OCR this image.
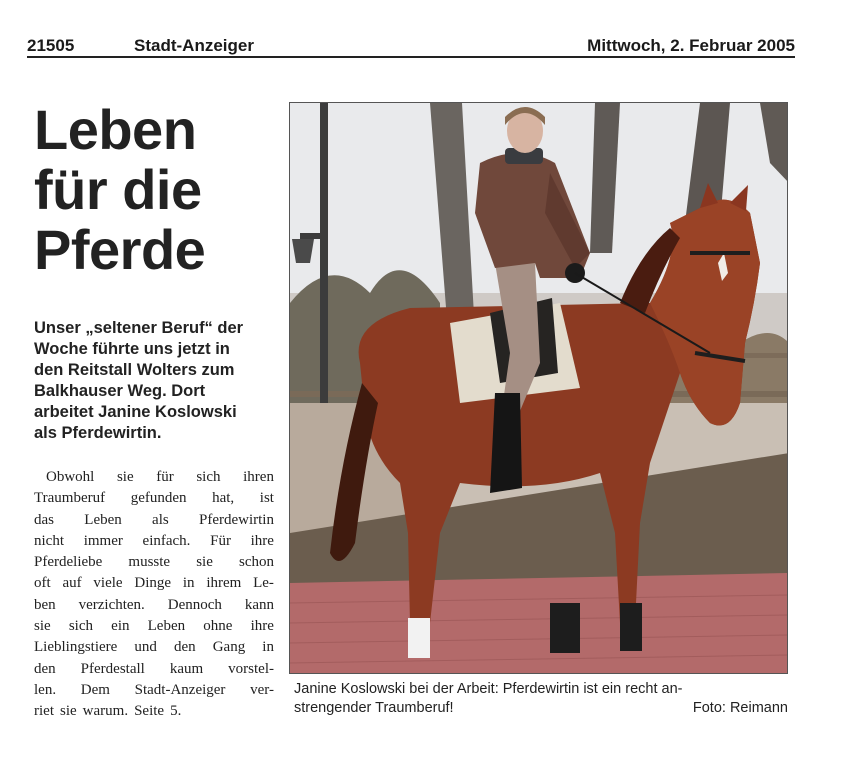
21505	Stadt-Anzeiger	Mittwoch, 2. Februar 2005
Leben
für die
Pferde
Unser „seltener Beruf“ der
Woche führte uns jetzt in
den Reitstall Wolters zum
Balkhauser Weg. Dort
arbeitet Janine Koslowski
als Pferdewirtin.
Obwohl sie für sich ihren
Traumberuf gefunden hat, ist
das Leben als Pferdewirtin
nicht immer einfach. Für ihre
Pferdeliebe musste sie schon
oft auf viele Dinge in ihrem Le-
ben verzichten. Dennoch kann
sie sich ein Leben ohne ihre
Lieblingstiere und den Gang in
den Pferdestall kaum vorstel-
len. Dem Stadt-Anzeiger ver-
riet sie warum. Seite 5.
Janine Koslowski bei der Arbeit: Pferdewirtin ist ein recht an-
strengender Traumberuf!	Foto: Reimann
